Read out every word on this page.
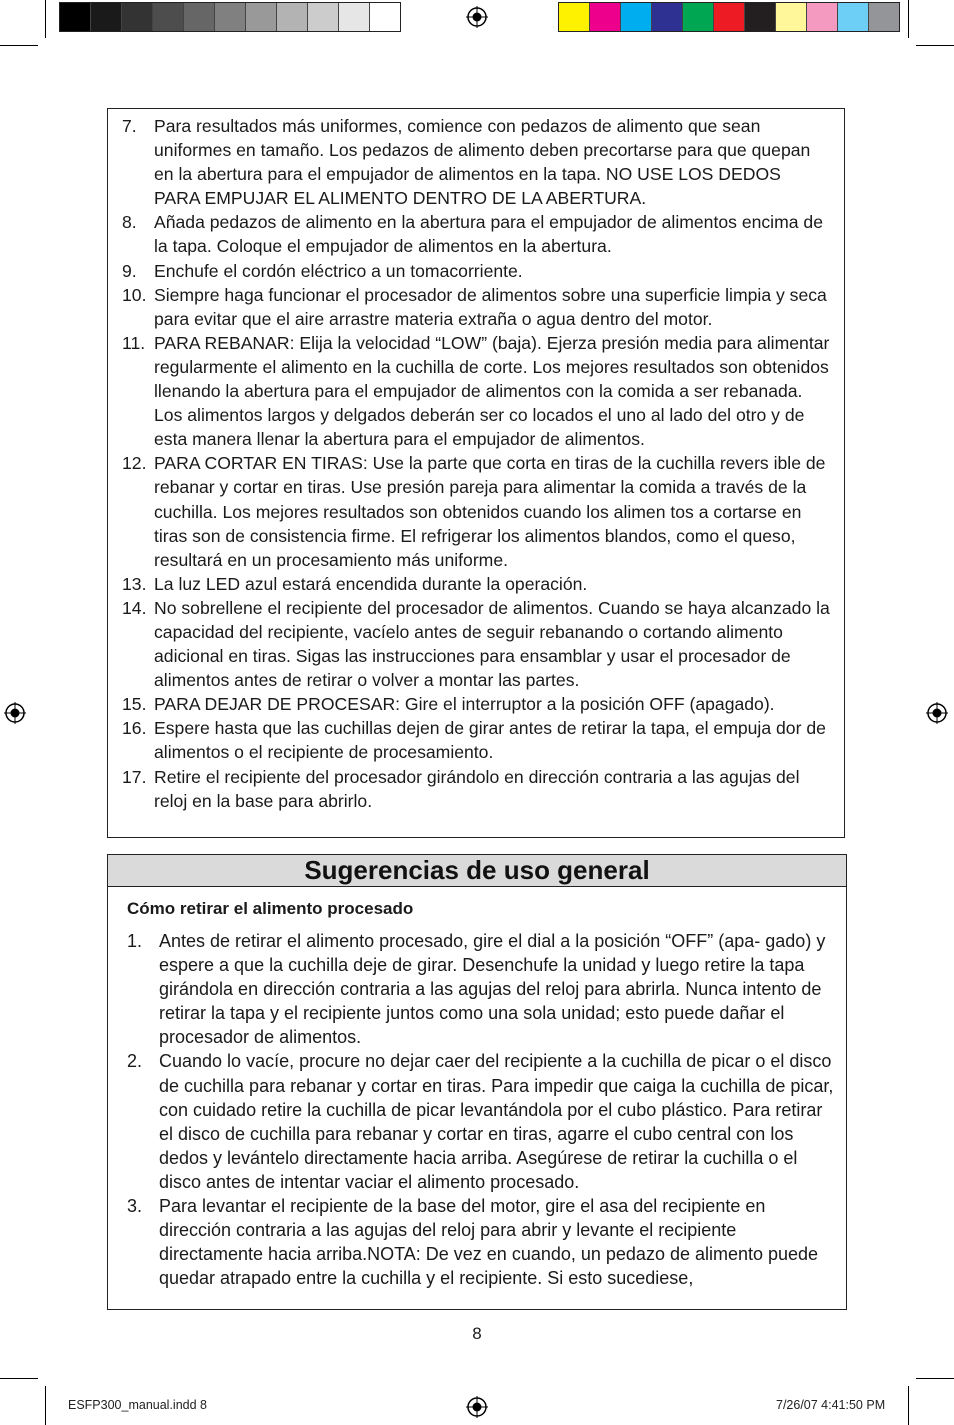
7. Para resultados más uniformes, comience con pedazos de alimento que sean uniformes en tamaño. Los pedazos de alimento deben precortarse para que quepan en la abertura para el empujador de alimentos en la tapa. NO USE LOS DEDOS PARA EMPUJAR EL ALIMENTO DENTRO DE LA ABERTURA.
8. Añada pedazos de alimento en la abertura para el empujador de alimentos encima de la tapa. Coloque el empujador de alimentos en la abertura.
9. Enchufe el cordón eléctrico a un tomacorriente.
10. Siempre haga funcionar el procesador de alimentos sobre una superficie limpia y seca para evitar que el aire arrastre materia extraña o agua dentro del motor.
11. PARA REBANAR: Elija la velocidad “LOW” (baja). Ejerza presión media para alimentar regularmente el alimento en la cuchilla de corte. Los mejores resultados son obtenidos llenando la abertura para el empujador de alimentos con la comida a ser rebanada. Los alimentos largos y delgados deberán ser co locados el uno al lado del otro y de esta manera llenar la abertura para el empujador de alimentos.
12. PARA CORTAR EN TIRAS: Use la parte que corta en tiras de la cuchilla revers ible de rebanar y cortar en tiras. Use presión pareja para alimentar la comida a través de la cuchilla. Los mejores resultados son obtenidos cuando los alimen tos a cortarse en tiras son de consistencia firme. El refrigerar los alimentos blandos, como el queso, resultará en un procesamiento más uniforme.
13. La luz LED azul estará encendida durante la operación.
14. No sobrellene el recipiente del procesador de alimentos. Cuando se haya alcanzado la capacidad del recipiente, vacíelo antes de seguir rebanando o cortando alimento adicional en tiras. Sigas las instrucciones para ensamblar y usar el procesador de alimentos antes de retirar o volver a montar las partes.
15. PARA DEJAR DE PROCESAR: Gire el interruptor a la posición OFF (apagado).
16. Espere hasta que las cuchillas dejen de girar antes de retirar la tapa, el empuja dor de alimentos o el recipiente de procesamiento.
17. Retire el recipiente del procesador girándolo en dirección contraria a las agujas del reloj en la base para abrirlo.
Sugerencias de uso general
Cómo retirar el alimento procesado
1. Antes de retirar el alimento procesado, gire el dial a la posición “OFF” (apa- gado) y espere a que la cuchilla deje de girar. Desenchufe la unidad y luego retire la tapa girándola en dirección contraria a las agujas del reloj para abrirla. Nunca intento de retirar la tapa y el recipiente juntos como una sola unidad; esto puede dañar el procesador de alimentos.
2. Cuando lo vacíe, procure no dejar caer del recipiente a la cuchilla de picar o el disco de cuchilla para rebanar y cortar en tiras. Para impedir que caiga la cuchilla de picar, con cuidado retire la cuchilla de picar levantándola por el cubo plástico. Para retirar el disco de cuchilla para rebanar y cortar en tiras, agarre el cubo central con los dedos y levántelo directamente hacia arriba. Asegúrese de retirar la cuchilla o el disco antes de intentar vaciar el alimento procesado.
3. Para levantar el recipiente de la base del motor, gire el asa del recipiente en dirección contraria a las agujas del reloj para abrir y levante el recipiente directamente hacia arriba.NOTA: De vez en cuando, un pedazo de alimento puede quedar atrapado entre la cuchilla y el recipiente. Si esto sucediese,
8
ESFP300_manual.indd 8	7/26/07 4:41:50 PM
